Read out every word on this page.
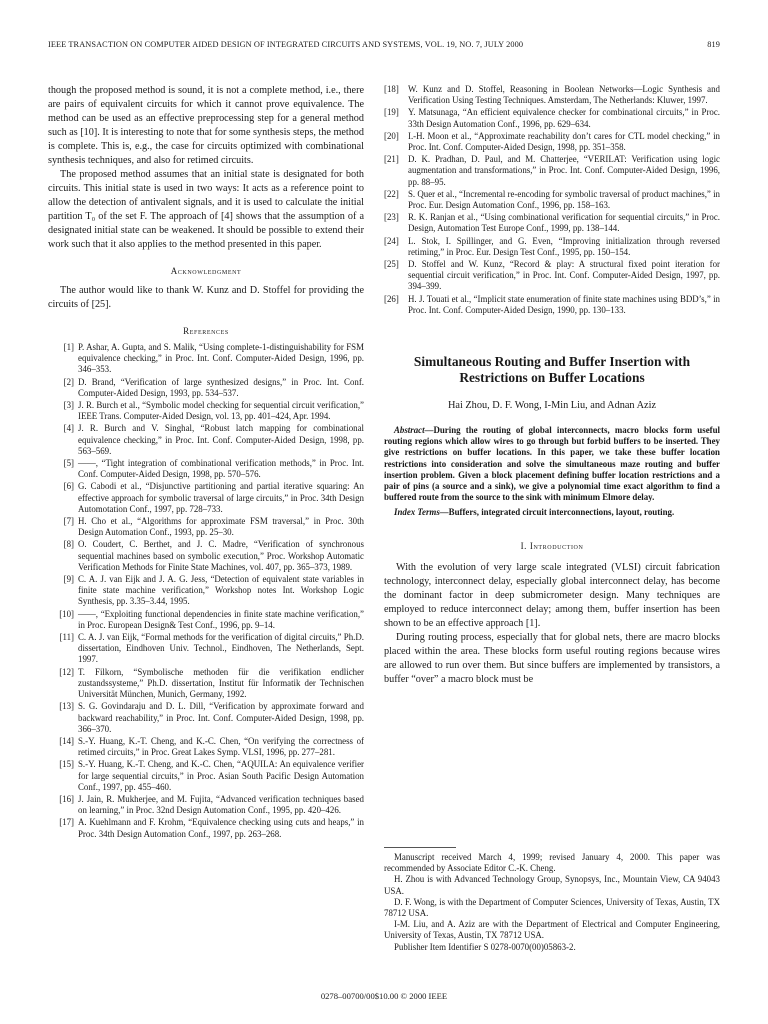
IEEE TRANSACTION ON COMPUTER AIDED DESIGN OF INTEGRATED CIRCUITS AND SYSTEMS, VOL. 19, NO. 7, JULY 2000	819

though the proposed method is sound, it is not a complete method, i.e., there are pairs of equivalent circuits for which it cannot prove equivalence. The method can be used as an effective preprocessing step for a general method such as [10]. It is interesting to note that for some synthesis steps, the method is complete. This is, e.g., the case for circuits optimized with combinational synthesis techniques, and also for retimed circuits.

The proposed method assumes that an initial state is designated for both circuits. This initial state is used in two ways: It acts as a reference point to allow the detection of antivalent signals, and it is used to calculate the initial partition T₀ of the set F. The approach of [4] shows that the assumption of a designated initial state can be weakened. It should be possible to extend their work such that it also applies to the method presented in this paper.

Acknowledgment

The author would like to thank W. Kunz and D. Stoffel for providing the circuits of [25].

References
[1] P. Ashar, A. Gupta, and S. Malik, “Using complete-1-distinguishability for FSM equivalence checking,” in Proc. Int. Conf. Computer-Aided Design, 1996, pp. 346–353.
[2] D. Brand, “Verification of large synthesized designs,” in Proc. Int. Conf. Computer-Aided Design, 1993, pp. 534–537.
[3] J. R. Burch et al., “Symbolic model checking for sequential circuit verification,” IEEE Trans. Computer-Aided Design, vol. 13, pp. 401–424, Apr. 1994.
[4] J. R. Burch and V. Singhal, “Robust latch mapping for combinational equivalence checking,” in Proc. Int. Conf. Computer-Aided Design, 1998, pp. 563–569.
[5] ——, “Tight integration of combinational verification methods,” in Proc. Int. Conf. Computer-Aided Design, 1998, pp. 570–576.
[6] G. Cabodi et al., “Disjunctive partitioning and partial iterative squaring: An effective approach for symbolic traversal of large circuits,” in Proc. 34th Design Automotation Conf., 1997, pp. 728–733.
[7] H. Cho et al., “Algorithms for approximate FSM traversal,” in Proc. 30th Design Automation Conf., 1993, pp. 25–30.
[8] O. Coudert, C. Berthet, and J. C. Madre, “Verification of synchronous sequential machines based on symbolic execution,” Proc. Workshop Automatic Verification Methods for Finite State Machines, vol. 407, pp. 365–373, 1989.
[9] C. A. J. van Eijk and J. A. G. Jess, “Detection of equivalent state variables in finite state machine verification,” Workshop notes Int. Workshop Logic Synthesis, pp. 3.35–3.44, 1995.
[10] ——, “Exploiting functional dependencies in finite state machine verification,” in Proc. European Design& Test Conf., 1996, pp. 9–14.
[11] C. A. J. van Eijk, “Formal methods for the verification of digital circuits,” Ph.D. dissertation, Eindhoven Univ. Technol., Eindhoven, The Netherlands, Sept. 1997.
[12] T. Filkorn, “Symbolische methoden für die verifikation endlicher zustandssysteme,” Ph.D. dissertation, Institut für Informatik der Technischen Universität München, Munich, Germany, 1992.
[13] S. G. Govindaraju and D. L. Dill, “Verification by approximate forward and backward reachability,” in Proc. Int. Conf. Computer-Aided Design, 1998, pp. 366–370.
[14] S.-Y. Huang, K.-T. Cheng, and K.-C. Chen, “On verifying the correctness of retimed circuits,” in Proc. Great Lakes Symp. VLSI, 1996, pp. 277–281.
[15] S.-Y. Huang, K.-T. Cheng, and K.-C. Chen, “AQUILA: An equivalence verifier for large sequential circuits,” in Proc. Asian South Pacific Design Automation Conf., 1997, pp. 455–460.
[16] J. Jain, R. Mukherjee, and M. Fujita, “Advanced verification techniques based on learning,” in Proc. 32nd Design Automation Conf., 1995, pp. 420–426.
[17] A. Kuehlmann and F. Krohm, “Equivalence checking using cuts and heaps,” in Proc. 34th Design Automation Conf., 1997, pp. 263–268.
[18]	W. Kunz and D. Stoffel, Reasoning in Boolean Networks—Logic Synthesis and Verification Using Testing Techniques. Amsterdam, The Netherlands: Kluwer, 1997.
[19]	Y. Matsunaga, “An efficient equivalence checker for combinational circuits,” in Proc. 33th Design Automation Conf., 1996, pp. 629–634.
[20]	I.-H. Moon et al., “Approximate reachability don’t cares for CTL model checking,” in Proc. Int. Conf. Computer-Aided Design, 1998, pp. 351–358.
[21]	D. K. Pradhan, D. Paul, and M. Chatterjee, “VERILAT: Verification using logic augmentation and transformations,” in Proc. Int. Conf. Computer-Aided Design, 1996, pp. 88–95.
[22]	S. Quer et al., “Incremental re-encoding for symbolic traversal of product machines,” in Proc. Eur. Design Automation Conf., 1996, pp. 158–163.
[23]	R. K. Ranjan et al., “Using combinational verification for sequential circuits,” in Proc. Design, Automation Test Europe Conf., 1999, pp. 138–144.
[24]	L. Stok, I. Spillinger, and G. Even, “Improving initialization through reversed retiming,” in Proc. Eur. Design Test Conf., 1995, pp. 150–154.
[25]	D. Stoffel and W. Kunz, “Record & play: A structural fixed point iteration for sequential circuit verification,” in Proc. Int. Conf. Computer-Aided Design, 1997, pp. 394–399.
[26]	H. J. Touati et al., “Implicit state enumeration of finite state machines using BDD’s,” in Proc. Int. Conf. Computer-Aided Design, 1990, pp. 130–133.
Simultaneous Routing and Buffer Insertion with Restrictions on Buffer Locations
Hai Zhou, D. F. Wong, I-Min Liu, and Adnan Aziz

Abstract—During the routing of global interconnects, macro blocks form useful routing regions which allow wires to go through but forbid buffers to be inserted. They give restrictions on buffer locations. In this paper, we take these buffer location restrictions into consideration and solve the simultaneous maze routing and buffer insertion problem. Given a block placement defining buffer location restrictions and a pair of pins (a source and a sink), we give a polynomial time exact algorithm to find a buffered route from the source to the sink with minimum Elmore delay.

Index Terms—Buffers, integrated circuit interconnections, layout, routing.

I. Introduction

With the evolution of very large scale integrated (VLSI) circuit fabrication technology, interconnect delay, especially global interconnect delay, has become the dominant factor in deep submicrometer design. Many techniques are employed to reduce interconnect delay; among them, buffer insertion has been shown to be an effective approach [1].

During routing process, especially that for global nets, there are macro blocks placed within the area. These blocks form useful routing regions because wires are allowed to run over them. But since buffers are implemented by transistors, a buffer “over” a macro block must be

Manuscript received March 4, 1999; revised January 4, 2000. This paper was recommended by Associate Editor C.-K. Cheng.

H. Zhou is with Advanced Technology Group, Synopsys, Inc., Mountain View, CA 94043 USA.

D. F. Wong, is with the Department of Computer Sciences, University of Texas, Austin, TX 78712 USA.

I-M. Liu, and A. Aziz are with the Department of Electrical and Computer Engineering, University of Texas, Austin, TX 78712 USA.

Publisher Item Identifier S 0278-0070(00)05863-2.

0278–00700/00$10.00 © 2000 IEEE
